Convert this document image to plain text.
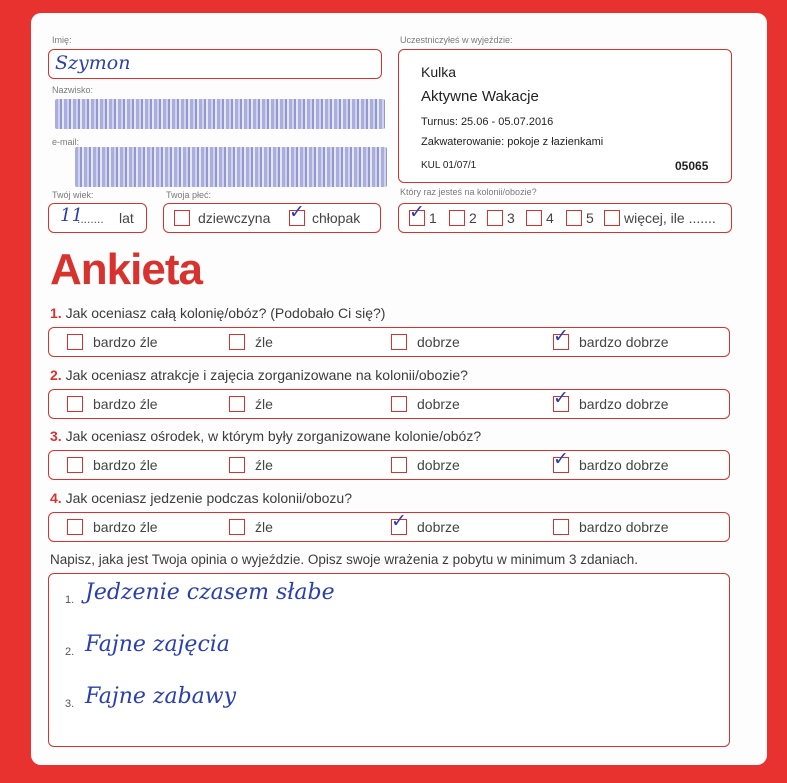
Imię:
Szymon
Nazwisko:
e-mail:
Twój wiek:
11
........ lat
Twoja płeć:
dziewczyna ✓ chłopak
Uczestniczyłeś w wyjeździe:
Kulka
Aktywne Wakacje
Turnus: 25.06 - 05.07.2016
Zakwaterowanie: pokoje z łazienkami
KUL 01/07/1	05065
Który raz jesteś na kolonii/obozie?
✓ 1 2 3 4 5 więcej, ile .......
Ankieta
1. Jak oceniasz całą kolonię/obóz? (Podobało Ci się?)
bardzo źle	źle	dobrze	✓ bardzo dobrze
2. Jak oceniasz atrakcje i zajęcia zorganizowane na kolonii/obozie?
bardzo źle	źle	dobrze	✓ bardzo dobrze
3. Jak oceniasz ośrodek, w którym były zorganizowane kolonie/obóz?
bardzo źle	źle	dobrze	✓ bardzo dobrze
4. Jak oceniasz jedzenie podczas kolonii/obozu?
bardzo źle	źle	✓ dobrze	bardzo dobrze
Napisz, jaka jest Twoja opinia o wyjeździe. Opisz swoje wrażenia z pobytu w minimum 3 zdaniach.
1. Jedzenie czasem słabe
2. Fajne zajęcia
3. Fajne zabawy
